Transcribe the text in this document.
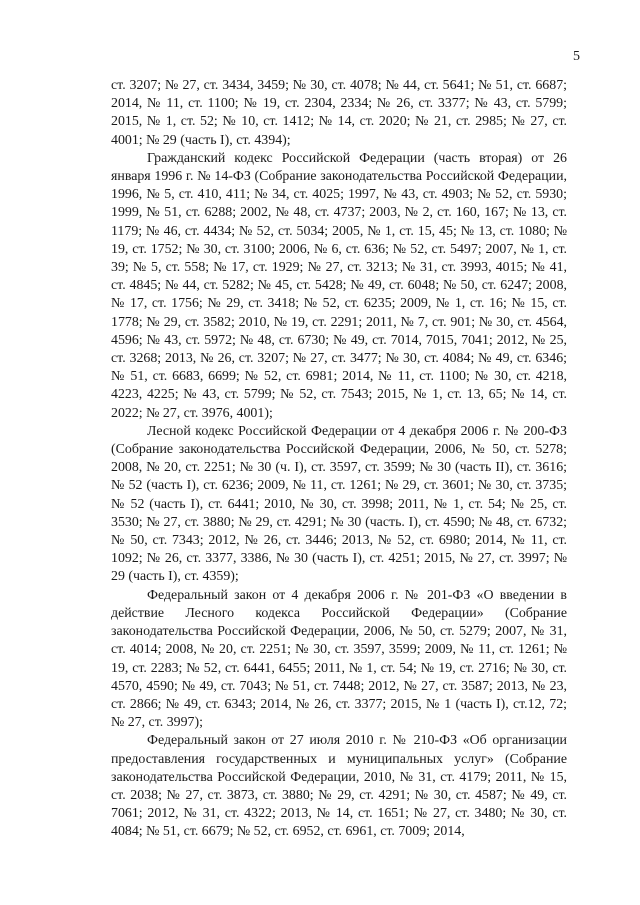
5

ст. 3207; № 27, ст. 3434, 3459; № 30, ст. 4078; № 44, ст. 5641; № 51, ст. 6687; 2014, № 11, ст. 1100; № 19, ст. 2304, 2334; № 26, ст. 3377; № 43, ст. 5799; 2015, № 1, ст. 52; № 10, ст. 1412; № 14, ст. 2020; № 21, ст. 2985; № 27, ст. 4001; № 29 (часть I), ст. 4394);

Гражданский кодекс Российской Федерации (часть вторая) от 26 января 1996 г. № 14-ФЗ (Собрание законодательства Российской Федерации, 1996, № 5, ст. 410, 411; № 34, ст. 4025; 1997, № 43, ст. 4903; № 52, ст. 5930; 1999, № 51, ст. 6288; 2002, № 48, ст. 4737; 2003, № 2, ст. 160, 167; № 13, ст. 1179; № 46, ст. 4434; № 52, ст. 5034; 2005, № 1, ст. 15, 45; № 13, ст. 1080; № 19, ст. 1752; № 30, ст. 3100; 2006, № 6, ст. 636; № 52, ст. 5497; 2007, № 1, ст. 39; № 5, ст. 558; № 17, ст. 1929; № 27, ст. 3213; № 31, ст. 3993, 4015; № 41, ст. 4845; № 44, ст. 5282; № 45, ст. 5428; № 49, ст. 6048; № 50, ст. 6247; 2008, № 17, ст. 1756; № 29, ст. 3418; № 52, ст. 6235; 2009, № 1, ст. 16; № 15, ст. 1778; № 29, ст. 3582; 2010, № 19, ст. 2291; 2011, № 7, ст. 901; № 30, ст. 4564, 4596; № 43, ст. 5972; № 48, ст. 6730; № 49, ст. 7014, 7015, 7041; 2012, № 25, ст. 3268; 2013, № 26, ст. 3207; № 27, ст. 3477; № 30, ст. 4084; № 49, ст. 6346; № 51, ст. 6683, 6699; № 52, ст. 6981; 2014, № 11, ст. 1100; № 30, ст. 4218, 4223, 4225; № 43, ст. 5799; № 52, ст. 7543; 2015, № 1, ст. 13, 65; № 14, ст. 2022; № 27, ст. 3976, 4001);

Лесной кодекс Российской Федерации от 4 декабря 2006 г. № 200-ФЗ (Собрание законодательства Российской Федерации, 2006, № 50, ст. 5278; 2008, № 20, ст. 2251; № 30 (ч. I), ст. 3597, ст. 3599; № 30 (часть II), ст. 3616; № 52 (часть I), ст. 6236; 2009, № 11, ст. 1261; № 29, ст. 3601; № 30, ст. 3735; № 52 (часть I), ст. 6441; 2010, № 30, ст. 3998; 2011, № 1, ст. 54; № 25, ст. 3530; № 27, ст. 3880; № 29, ст. 4291; № 30 (часть. I), ст. 4590; № 48, ст. 6732; № 50, ст. 7343; 2012, № 26, ст. 3446; 2013, № 52, ст. 6980; 2014, № 11, ст. 1092; № 26, ст. 3377, 3386, № 30 (часть I), ст. 4251; 2015, № 27, ст. 3997; № 29 (часть I), ст. 4359);

Федеральный закон от 4 декабря 2006 г. № 201-ФЗ «О введении в действие Лесного кодекса Российской Федерации» (Собрание законодательства Российской Федерации, 2006, № 50, ст. 5279; 2007, № 31, ст. 4014; 2008, № 20, ст. 2251; № 30, ст. 3597, 3599; 2009, № 11, ст. 1261; № 19, ст. 2283; № 52, ст. 6441, 6455; 2011, № 1, ст. 54; № 19, ст. 2716; № 30, ст. 4570, 4590; № 49, ст. 7043; № 51, ст. 7448; 2012, № 27, ст. 3587; 2013, № 23, ст. 2866; № 49, ст. 6343; 2014, № 26, ст. 3377; 2015, № 1 (часть I), ст.12, 72; № 27, ст. 3997);

Федеральный закон от 27 июля 2010 г. № 210-ФЗ «Об организации предоставления государственных и муниципальных услуг» (Собрание законодательства Российской Федерации, 2010, № 31, ст. 4179; 2011, № 15, ст. 2038; № 27, ст. 3873, ст. 3880; № 29, ст. 4291; № 30, ст. 4587; № 49, ст. 7061; 2012, № 31, ст. 4322; 2013, № 14, ст. 1651; № 27, ст. 3480; № 30, ст. 4084; № 51, ст. 6679; № 52, ст. 6952, ст. 6961, ст. 7009; 2014,
